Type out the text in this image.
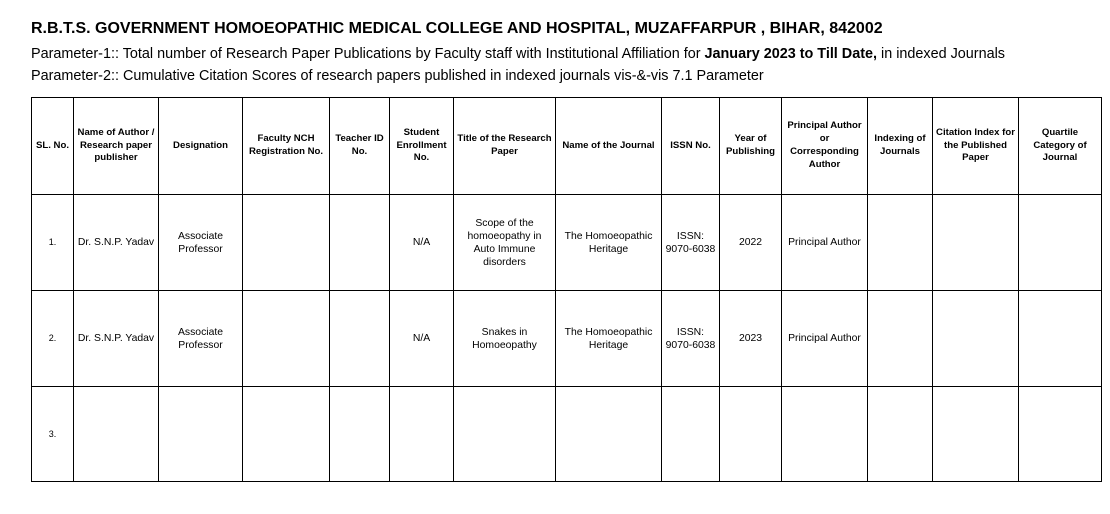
R.B.T.S. GOVERNMENT HOMOEOPATHIC MEDICAL COLLEGE AND HOSPITAL, MUZAFFARPUR , BIHAR, 842002
Parameter-1:: Total number of Research Paper Publications by Faculty staff with Institutional Affiliation for January 2023 to Till Date, in indexed Journals
Parameter-2:: Cumulative Citation Scores of research papers published in indexed journals vis-&-vis 7.1 Parameter
SL. No.	Name of Author / Research paper publisher	Designation	Faculty NCH Registration No.	Teacher ID No.	Student Enrollment No.	Title of the Research Paper	Name of the Journal	ISSN No.	Year of Publishing	Principal Author or Corresponding Author	Indexing of Journals	Citation Index for the Published Paper	Quartile Category of Journal
1.	Dr. S.N.P. Yadav	Associate Professor			N/A	Scope of the homoeopathy in Auto Immune disorders	The Homoeopathic Heritage	ISSN: 9070-6038	2022	Principal Author			
2.	Dr. S.N.P. Yadav	Associate Professor			N/A	Snakes in Homoeopathy	The Homoeopathic Heritage	ISSN: 9070-6038	2023	Principal Author			
3.													
